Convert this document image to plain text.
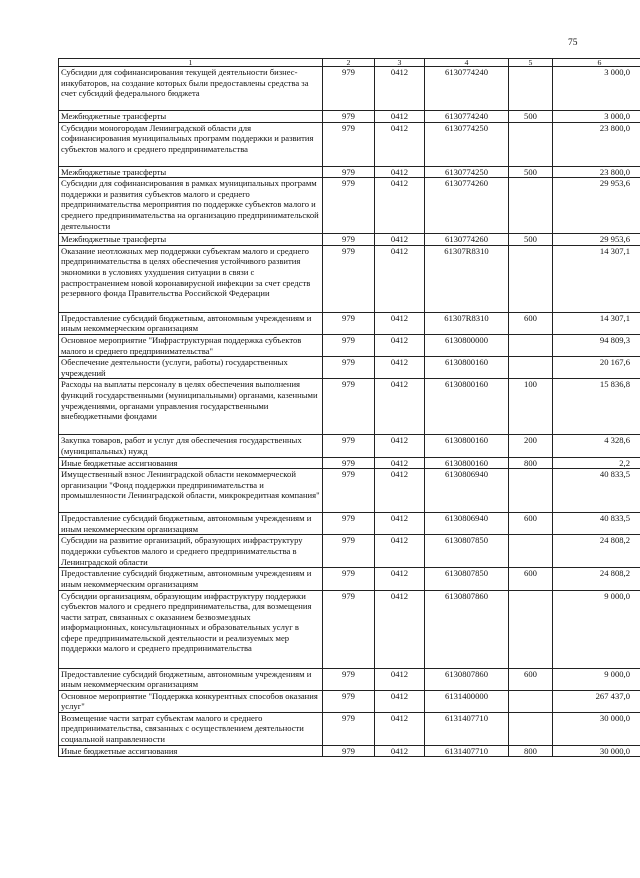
75
1	2	3	4	5	6
Субсидии для софинансирования текущей деятельности бизнес-инкубаторов, на создание которых были предоставлены средства за счет субсидий федерального бюджета	979	0412	6130774240		3 000,0
Межбюджетные трансферты	979	0412	6130774240	500	3 000,0
Субсидии моногородам Ленинградской области для софинансирования муниципальных программ поддержки и развития субъектов малого и среднего предпринимательства	979	0412	6130774250		23 800,0
Межбюджетные трансферты	979	0412	6130774250	500	23 800,0
Субсидии для софинансирования в рамках муниципальных программ поддержки и развития субъектов малого и среднего предпринимательства мероприятия по поддержке субъектов малого и среднего предпринимательства на организацию предпринимательской деятельности	979	0412	6130774260		29 953,6
Межбюджетные трансферты	979	0412	6130774260	500	29 953,6
Оказание неотложных мер поддержки субъектам малого и среднего предпринимательства в целях обеспечения устойчивого развития экономики в условиях ухудшения ситуации в связи с распространением новой коронавирусной инфекции за счет средств резервного фонда Правительства Российской Федерации	979	0412	61307R8310		14 307,1
Предоставление субсидий бюджетным, автономным учреждениям и иным некоммерческим организациям	979	0412	61307R8310	600	14 307,1
Основное мероприятие "Инфраструктурная поддержка субъектов малого и среднего предпринимательства"	979	0412	6130800000		94 809,3
Обеспечение деятельности (услуги, работы) государственных учреждений	979	0412	6130800160		20 167,6
Расходы на выплаты персоналу в целях обеспечения выполнения функций государственными (муниципальными) органами, казенными учреждениями, органами управления государственными внебюджетными фондами	979	0412	6130800160	100	15 836,8
Закупка товаров, работ и услуг для обеспечения государственных (муниципальных) нужд	979	0412	6130800160	200	4 328,6
Иные бюджетные ассигнования	979	0412	6130800160	800	2,2
Имущественный взнос Ленинградской области некоммерческой организации "Фонд поддержки предпринимательства и промышленности Ленинградской области, микрокредитная компания"	979	0412	6130806940		40 833,5
Предоставление субсидий бюджетным, автономным учреждениям и иным некоммерческим организациям	979	0412	6130806940	600	40 833,5
Субсидии на развитие организаций, образующих инфраструктуру поддержки субъектов малого и среднего предпринимательства в Ленинградской области	979	0412	6130807850		24 808,2
Предоставление субсидий бюджетным, автономным учреждениям и иным некоммерческим организациям	979	0412	6130807850	600	24 808,2
Субсидии организациям, образующим инфраструктуру поддержки субъектов малого и среднего предпринимательства, для возмещения части затрат, связанных с оказанием безвозмездных информационных, консультационных и образовательных услуг в сфере предпринимательской деятельности и реализуемых мер поддержки малого и среднего предпринимательства	979	0412	6130807860		9 000,0
Предоставление субсидий бюджетным, автономным учреждениям и иным некоммерческим организациям	979	0412	6130807860	600	9 000,0
Основное мероприятие "Поддержка конкурентных способов оказания услуг"	979	0412	6131400000		267 437,0
Возмещение части затрат субъектам малого и среднего предпринимательства, связанных с осуществлением деятельности социальной направленности	979	0412	6131407710		30 000,0
Иные бюджетные ассигнования	979	0412	6131407710	800	30 000,0
